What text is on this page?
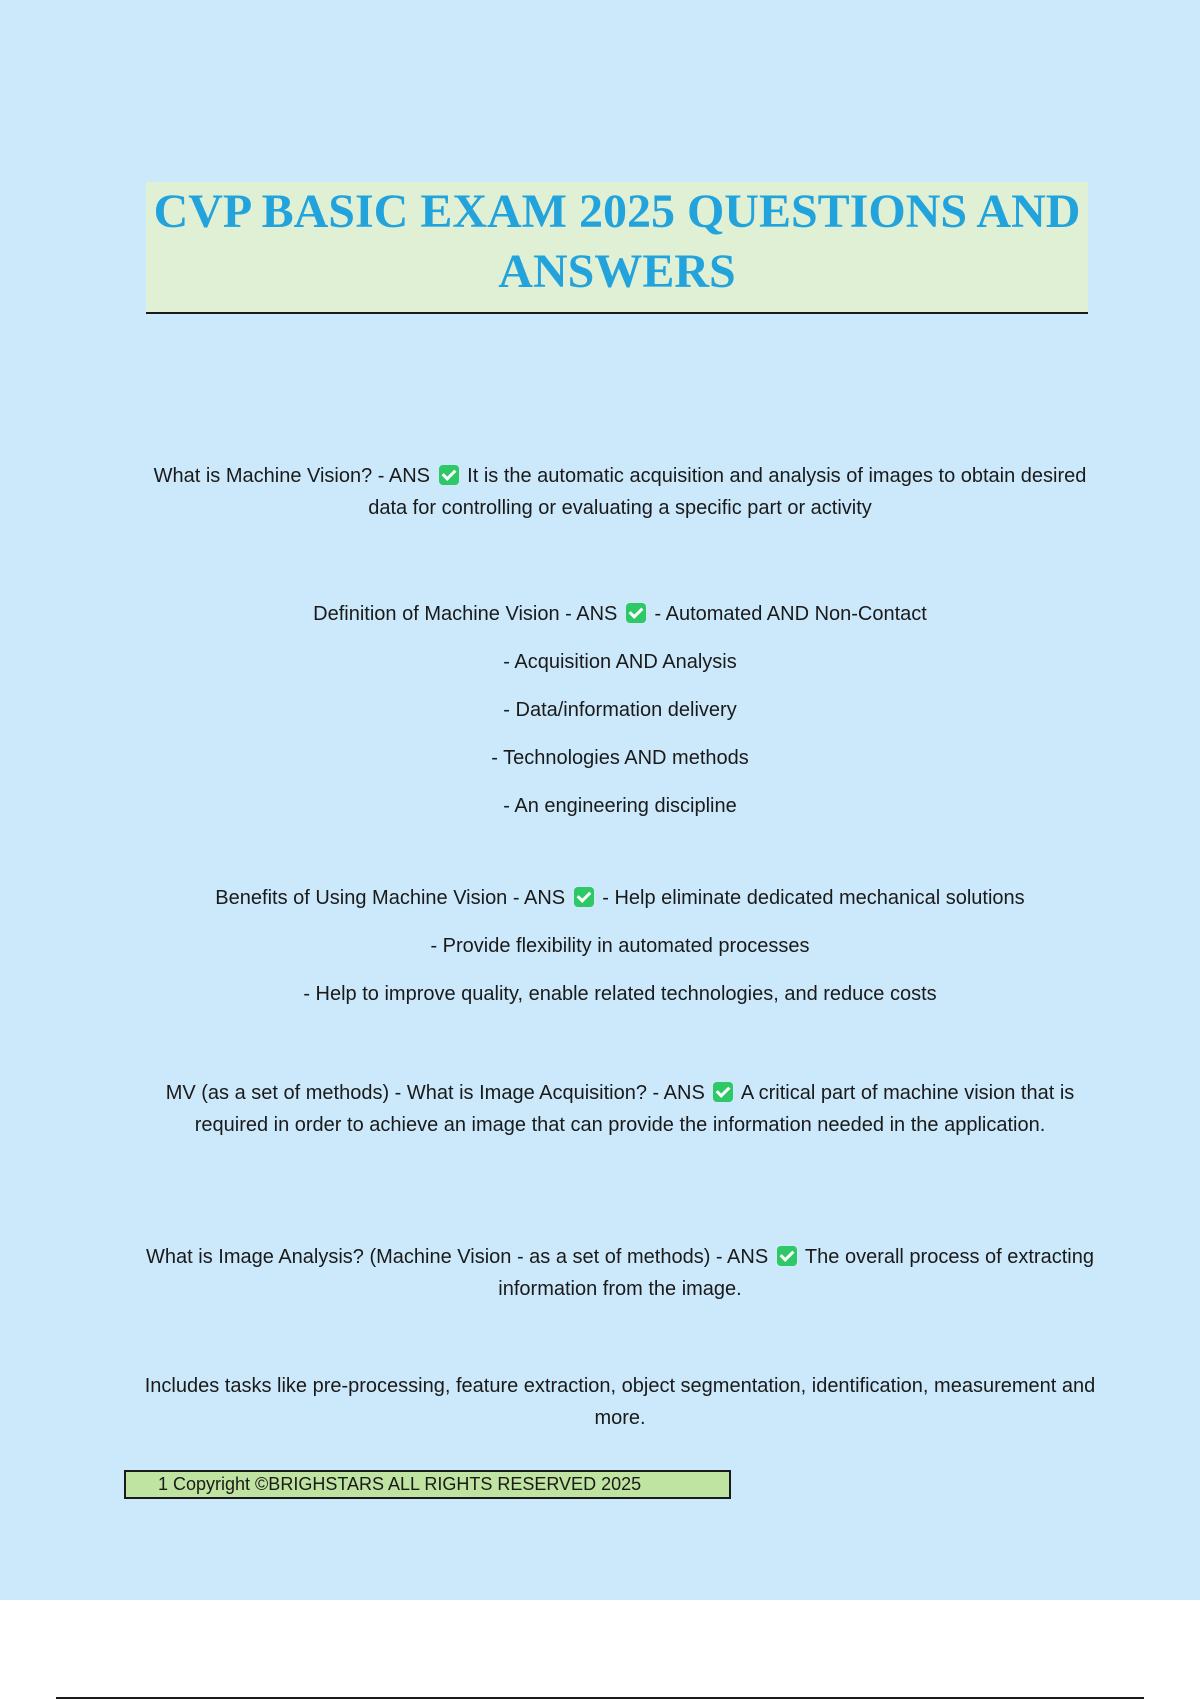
CVP BASIC EXAM 2025 QUESTIONS AND ANSWERS

What is Machine Vision? - ANS  It is the automatic acquisition and analysis of images to obtain desired data for controlling or evaluating a specific part or activity

Definition of Machine Vision - ANS  - Automated AND Non-Contact

- Acquisition AND Analysis
- Data/information delivery
- Technologies AND methods
- An engineering discipline

Benefits of Using Machine Vision - ANS  - Help eliminate dedicated mechanical solutions

- Provide flexibility in automated processes
- Help to improve quality, enable related technologies, and reduce costs

MV (as a set of methods) - What is Image Acquisition? - ANS  A critical part of machine vision that is required in order to achieve an image that can provide the information needed in the application.

What is Image Analysis? (Machine Vision - as a set of methods) - ANS  The overall process of extracting information from the image.

Includes tasks like pre-processing, feature extraction, object segmentation, identification, measurement and more.

1 Copyright ©BRIGHSTARS ALL RIGHTS RESERVED 2025
